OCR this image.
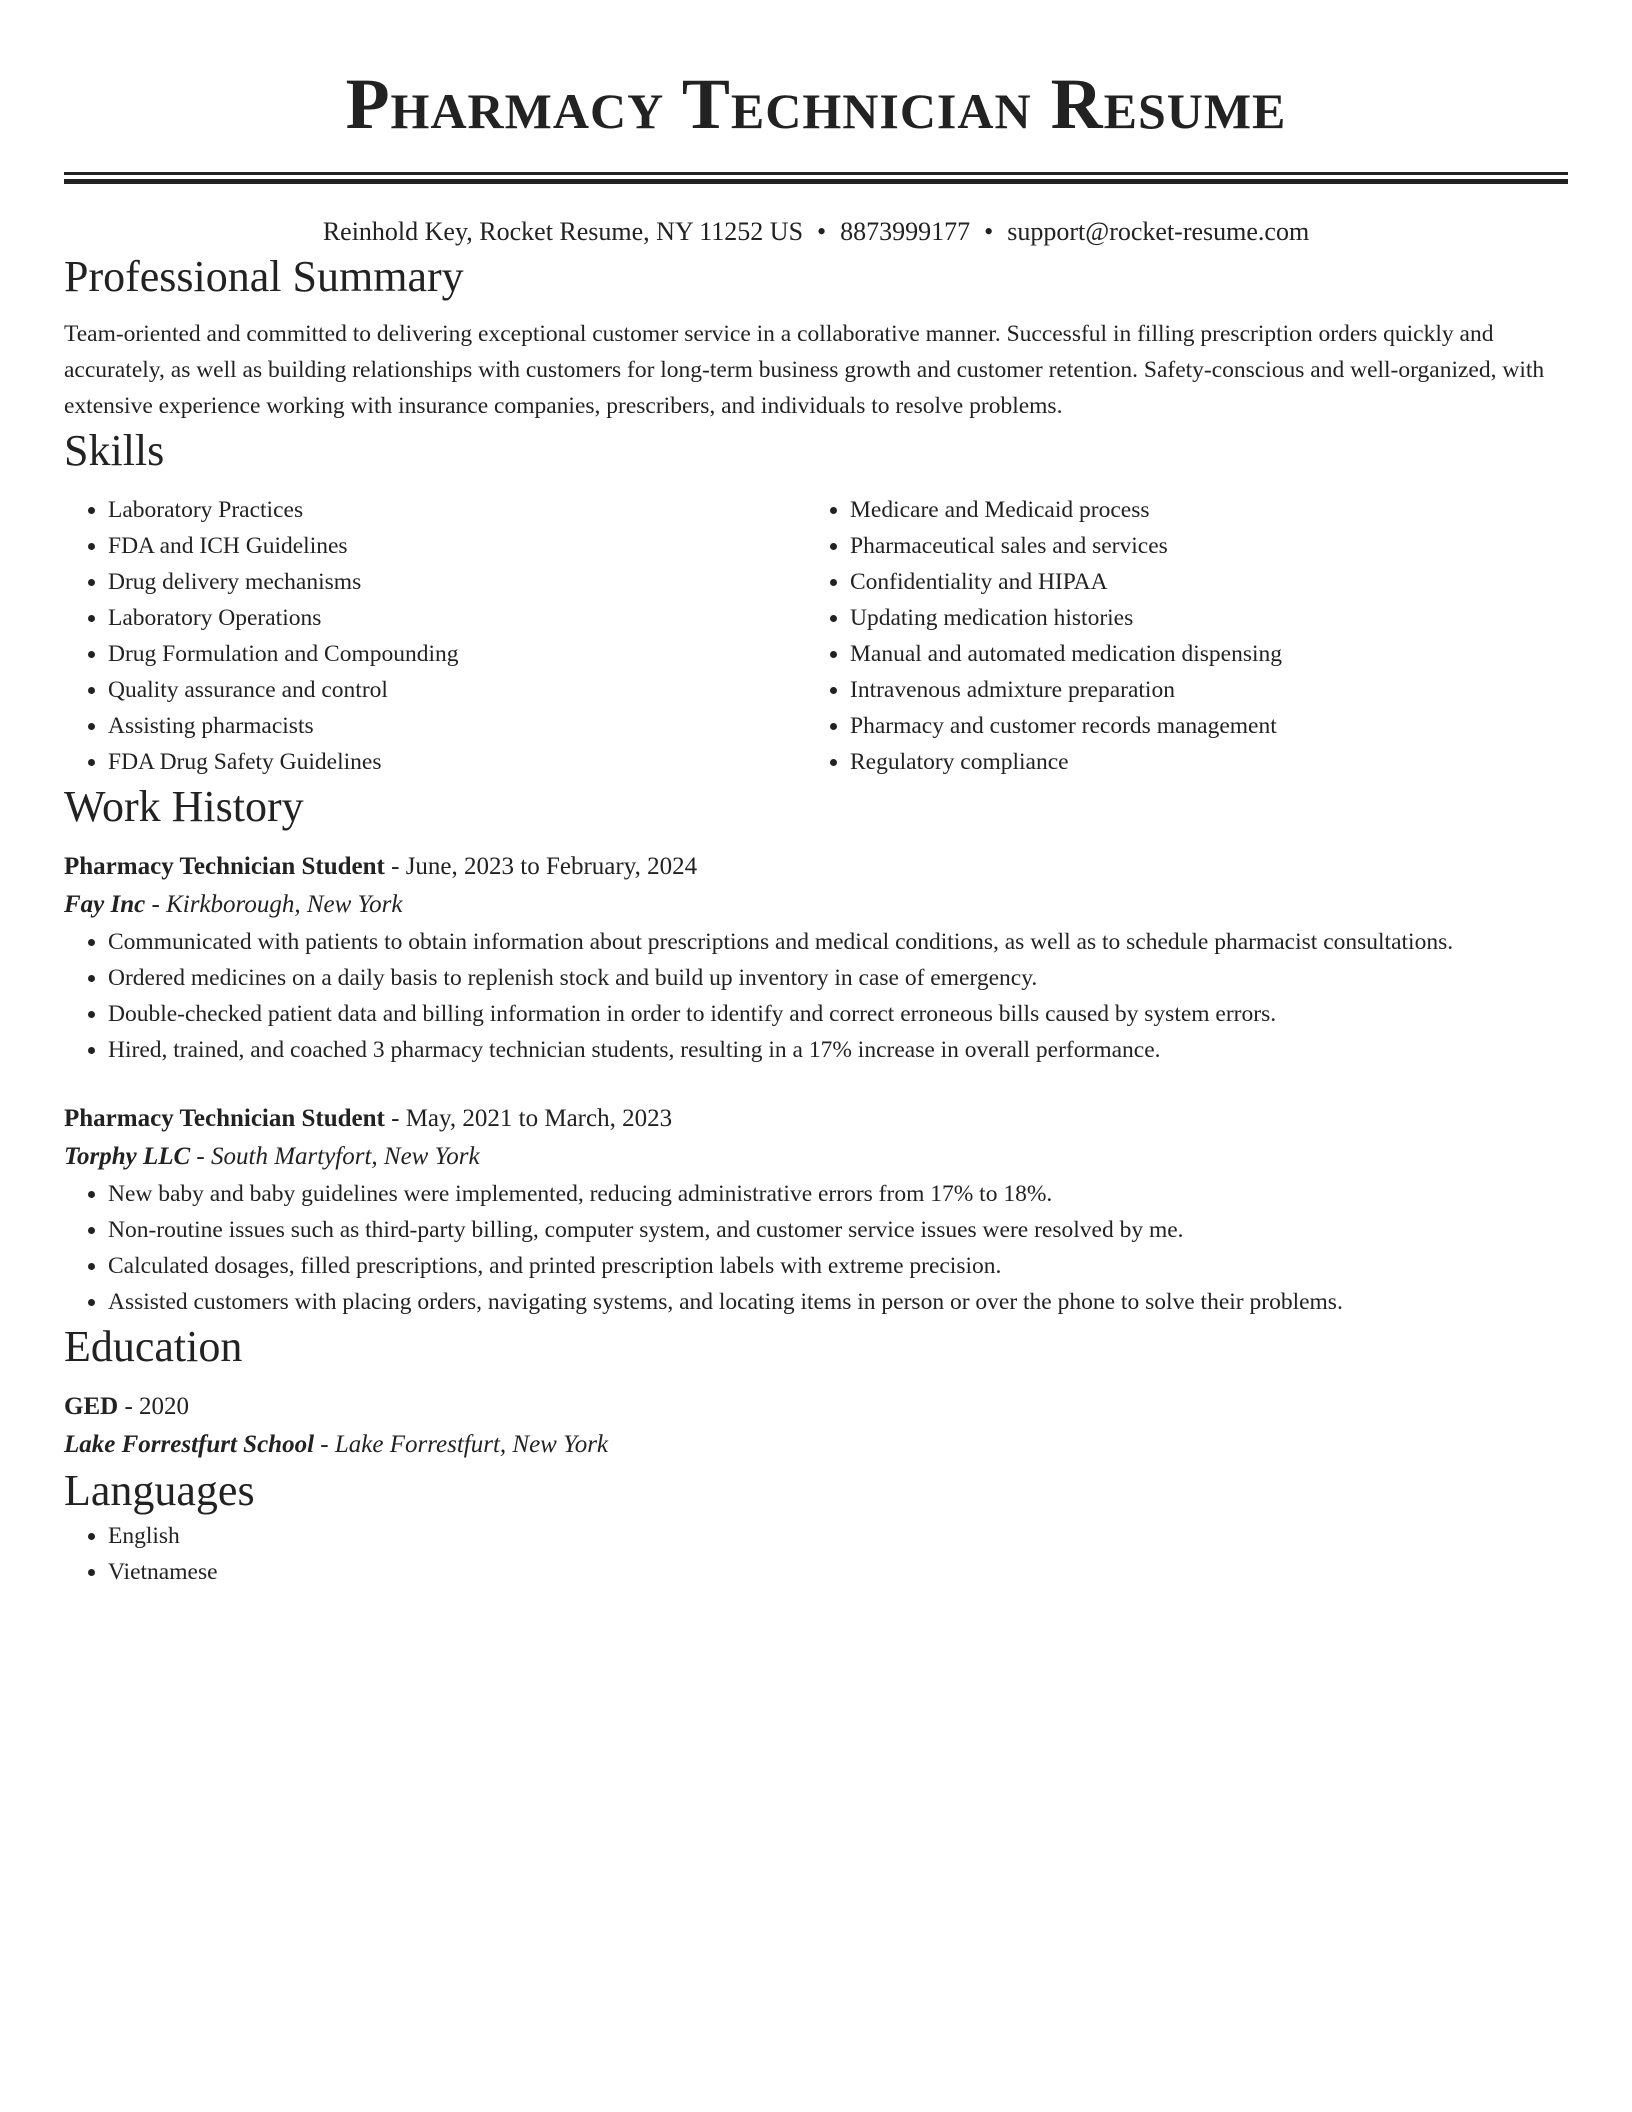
Pharmacy Technician Resume
Reinhold Key, Rocket Resume, NY 11252 US • 8873999177 • support@rocket-resume.com
Professional Summary
Team-oriented and committed to delivering exceptional customer service in a collaborative manner. Successful in filling prescription orders quickly and accurately, as well as building relationships with customers for long-term business growth and customer retention. Safety-conscious and well-organized, with extensive experience working with insurance companies, prescribers, and individuals to resolve problems.
Skills
• Laboratory Practices
• FDA and ICH Guidelines
• Drug delivery mechanisms
• Laboratory Operations
• Drug Formulation and Compounding
• Quality assurance and control
• Assisting pharmacists
• FDA Drug Safety Guidelines
• Medicare and Medicaid process
• Pharmaceutical sales and services
• Confidentiality and HIPAA
• Updating medication histories
• Manual and automated medication dispensing
• Intravenous admixture preparation
• Pharmacy and customer records management
• Regulatory compliance
Work History
Pharmacy Technician Student - June, 2023 to February, 2024
Fay Inc - Kirkborough, New York
• Communicated with patients to obtain information about prescriptions and medical conditions, as well as to schedule pharmacist consultations.
• Ordered medicines on a daily basis to replenish stock and build up inventory in case of emergency.
• Double-checked patient data and billing information in order to identify and correct erroneous bills caused by system errors.
• Hired, trained, and coached 3 pharmacy technician students, resulting in a 17% increase in overall performance.
Pharmacy Technician Student - May, 2021 to March, 2023
Torphy LLC - South Martyfort, New York
• New baby and baby guidelines were implemented, reducing administrative errors from 17% to 18%.
• Non-routine issues such as third-party billing, computer system, and customer service issues were resolved by me.
• Calculated dosages, filled prescriptions, and printed prescription labels with extreme precision.
• Assisted customers with placing orders, navigating systems, and locating items in person or over the phone to solve their problems.
Education
GED - 2020
Lake Forrestfurt School - Lake Forrestfurt, New York
Languages
• English
• Vietnamese
